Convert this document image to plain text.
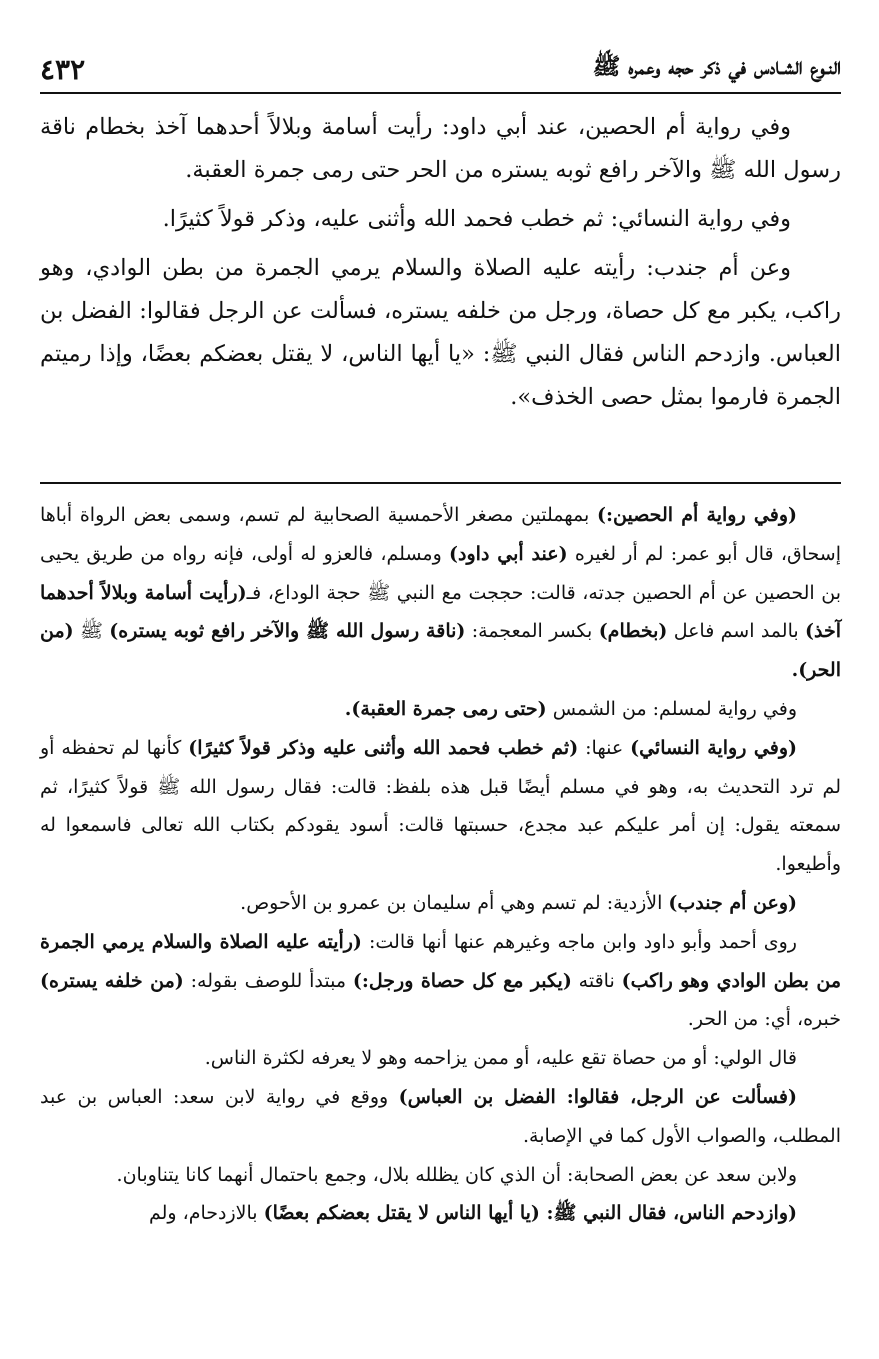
النـوع الشـادس في ذكر حجه وعمره ﷺ
٤٣٢

وفي رواية أم الحصين، عند أبي داود: رأيت أسامة وبلالاً أحدهما آخذ بخطام ناقة رسول الله ﷺ والآخر رافع ثوبه يستره من الحر حتى رمى جمرة العقبة.

وفي رواية النسائي: ثم خطب فحمد الله وأثنى عليه، وذكر قولاً كثيرًا.

وعن أم جندب: رأيته عليه الصلاة والسلام يرمي الجمرة من بطن الوادي، وهو راكب، يكبر مع كل حصاة، ورجل من خلفه يستره، فسألت عن الرجل فقالوا: الفضل بن العباس. وازدحم الناس فقال النبي ﷺ: «يا أيها الناس، لا يقتل بعضكم بعضًا، وإذا رميتم الجمرة فارموا بمثل حصى الخذف».

(وفي رواية أم الحصين:) بمهملتين مصغر الأحمسية الصحابية لم تسم، وسمى بعض الرواة أباها إسحاق، قال أبو عمر: لم أر لغيره (عند أبي داود) ومسلم، فالعزو له أولى، فإنه رواه من طريق يحيى بن الحصين عن أم الحصين جدته، قالت: حججت مع النبي ﷺ حجة الوداع، فـ(رأيت أسامة وبلالاً أحدهما آخذ) بالمد اسم فاعل (بخطام) بكسر المعجمة: (ناقة رسول الله ﷺ والآخر رافع ثوبه يستره) ﷺ (من الحر).

وفي رواية لمسلم: من الشمس (حتى رمى جمرة العقبة).

(وفي رواية النسائي) عنها: (ثم خطب فحمد الله وأثنى عليه وذكر قولاً كثيرًا) كأنها لم تحفظه أو لم ترد التحديث به، وهو في مسلم أيضًا قبل هذه بلفظ: قالت: فقال رسول الله ﷺ قولاً كثيرًا، ثم سمعته يقول: إن أمر عليكم عبد مجدع، حسبتها قالت: أسود يقودكم بكتاب الله تعالى فاسمعوا له وأطيعوا.

(وعن أم جندب) الأزدية: لم تسم وهي أم سليمان بن عمرو بن الأحوص.

روى أحمد وأبو داود وابن ماجه وغيرهم عنها أنها قالت: (رأيته عليه الصلاة والسلام يرمي الجمرة من بطن الوادي وهو راكب) ناقته (يكبر مع كل حصاة ورجل:) مبتدأ للوصف بقوله: (من خلفه يستره) خبره، أي: من الحر.

قال الولي: أو من حصاة تقع عليه، أو ممن يزاحمه وهو لا يعرفه لكثرة الناس.

(فسألت عن الرجل، فقالوا: الفضل بن العباس) ووقع في رواية لابن سعد: العباس بن عبد المطلب، والصواب الأول كما في الإصابة.

ولابن سعد عن بعض الصحابة: أن الذي كان يظلله بلال، وجمع باحتمال أنهما كانا يتناوبان.

(وازدحم الناس، فقال النبي ﷺ: (يا أيها الناس لا يقتل بعضكم بعضًا) بالازدحام، ولم
